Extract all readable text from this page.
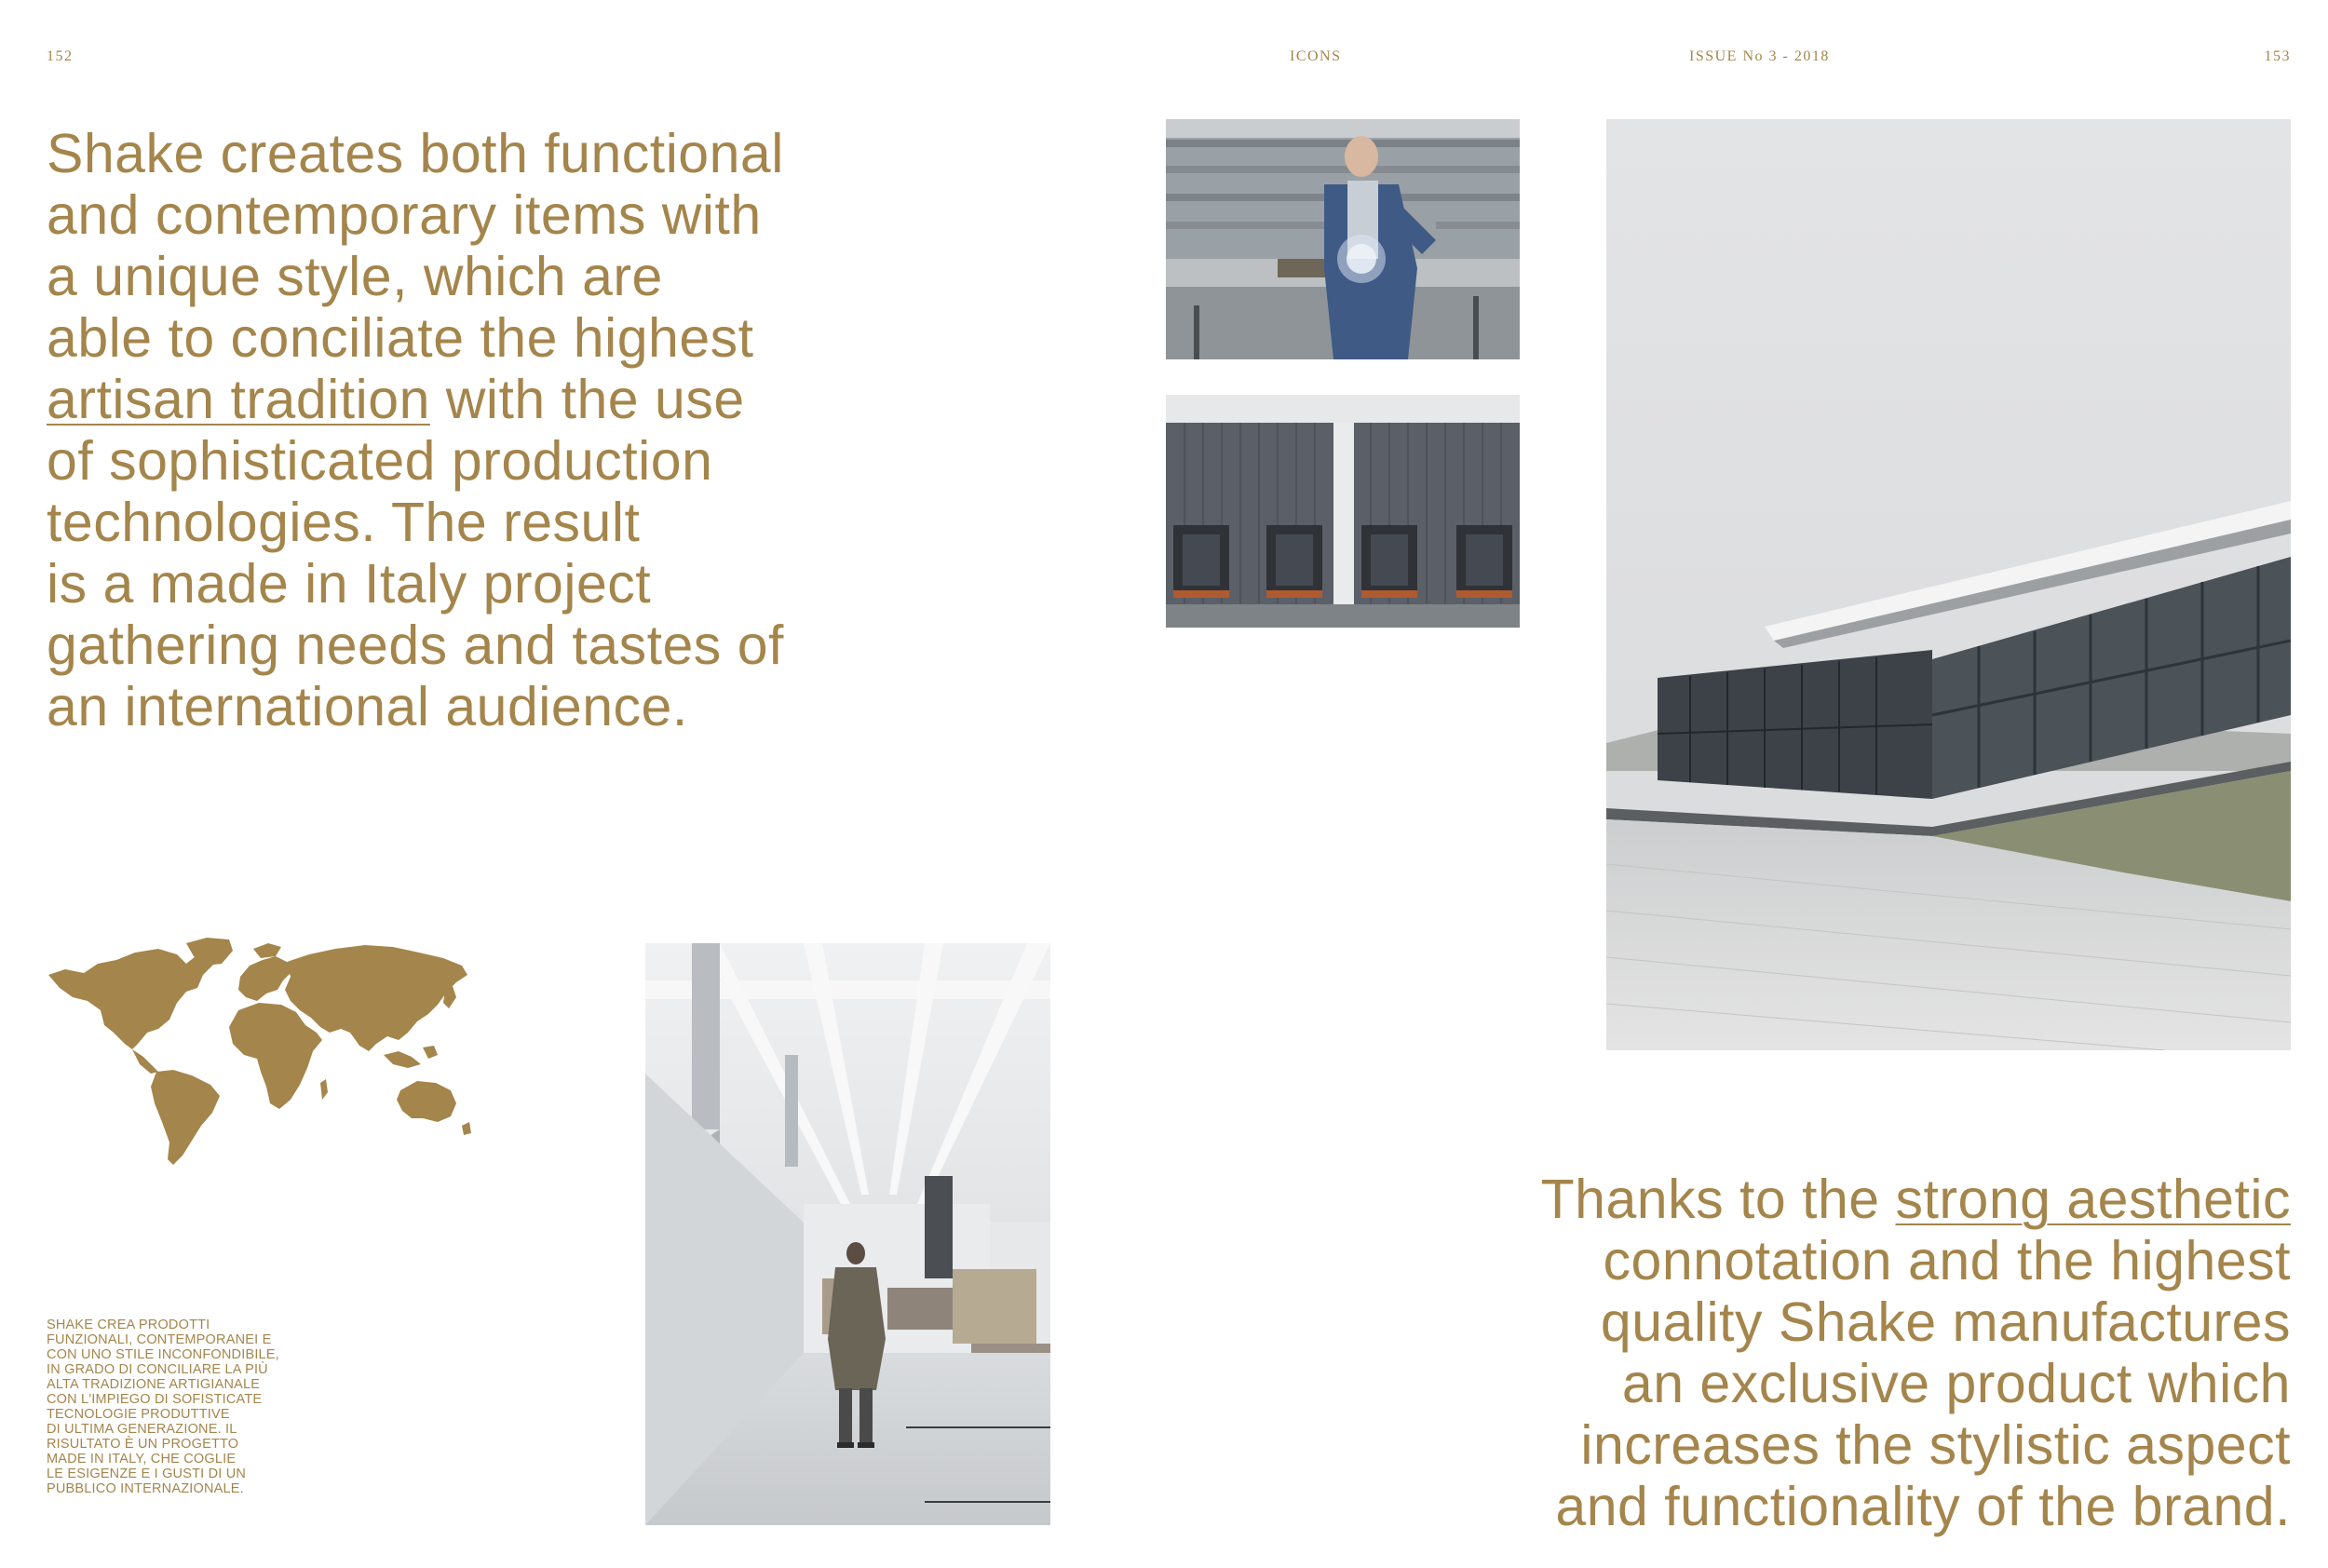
152	ICONS	ISSUE No 3 - 2018	153
Shake creates both functional
and contemporary items with
a unique style, which are
able to conciliate the highest
artisan tradition with the use
of sophisticated production
technologies. The result
is a made in Italy project
gathering needs and tastes of
an international audience.
SHAKE CREA PRODOTTI
FUNZIONALI, CONTEMPORANEI E
CON UNO STILE INCONFONDIBILE,
IN GRADO DI CONCILIARE LA PIÙ
ALTA TRADIZIONE ARTIGIANALE
CON L'IMPIEGO DI SOFISTICATE
TECNOLOGIE PRODUTTIVE
DI ULTIMA GENERAZIONE. IL
RISULTATO È UN PROGETTO
MADE IN ITALY, CHE COGLIE
LE ESIGENZE E I GUSTI DI UN
PUBBLICO INTERNAZIONALE.
Thanks to the strong aesthetic
connotation and the highest
quality Shake manufactures
an exclusive product which
increases the stylistic aspect
and functionality of the brand.
